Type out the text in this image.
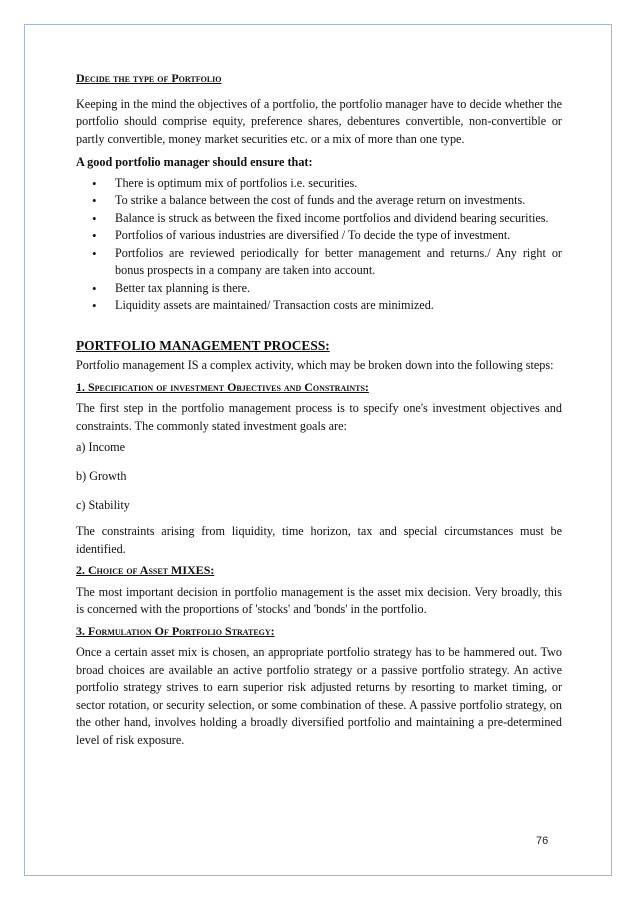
Decide the type of Portfolio

Keeping in the mind the objectives of a portfolio, the portfolio manager have to decide whether the portfolio should comprise equity, preference shares, debentures convertible, non-convertible or partly convertible, money market securities etc. or a mix of more than one type.

A good portfolio manager should ensure that:

• There is optimum mix of portfolios i.e. securities.
• To strike a balance between the cost of funds and the average return on investments.
• Balance is struck as between the fixed income portfolios and dividend bearing securities.
• Portfolios of various industries are diversified / To decide the type of investment.
• Portfolios are reviewed periodically for better management and returns./ Any right or bonus prospects in a company are taken into account.
• Better tax planning is there.
• Liquidity assets are maintained/ Transaction costs are minimized.
PORTFOLIO MANAGEMENT PROCESS:

Portfolio management IS a complex activity, which may be broken down into the following steps:

1. Specification of investment Objectives and Constraints:

The first step in the portfolio management process is to specify one's investment objectives and constraints. The commonly stated investment goals are:

a) Income

b) Growth

c) Stability

The constraints arising from liquidity, time horizon, tax and special circumstances must be identified.

2. Choice of Asset MIXES:

The most important decision in portfolio management is the asset mix decision. Very broadly, this is concerned with the proportions of 'stocks' and 'bonds' in the portfolio.

3. Formulation Of Portfolio Strategy:

Once a certain asset mix is chosen, an appropriate portfolio strategy has to be hammered out. Two broad choices are available an active portfolio strategy or a passive portfolio strategy. An active portfolio strategy strives to earn superior risk adjusted returns by resorting to market timing, or sector rotation, or security selection, or some combination of these. A passive portfolio strategy, on the other hand, involves holding a broadly diversified portfolio and maintaining a pre-determined level of risk exposure.

76
